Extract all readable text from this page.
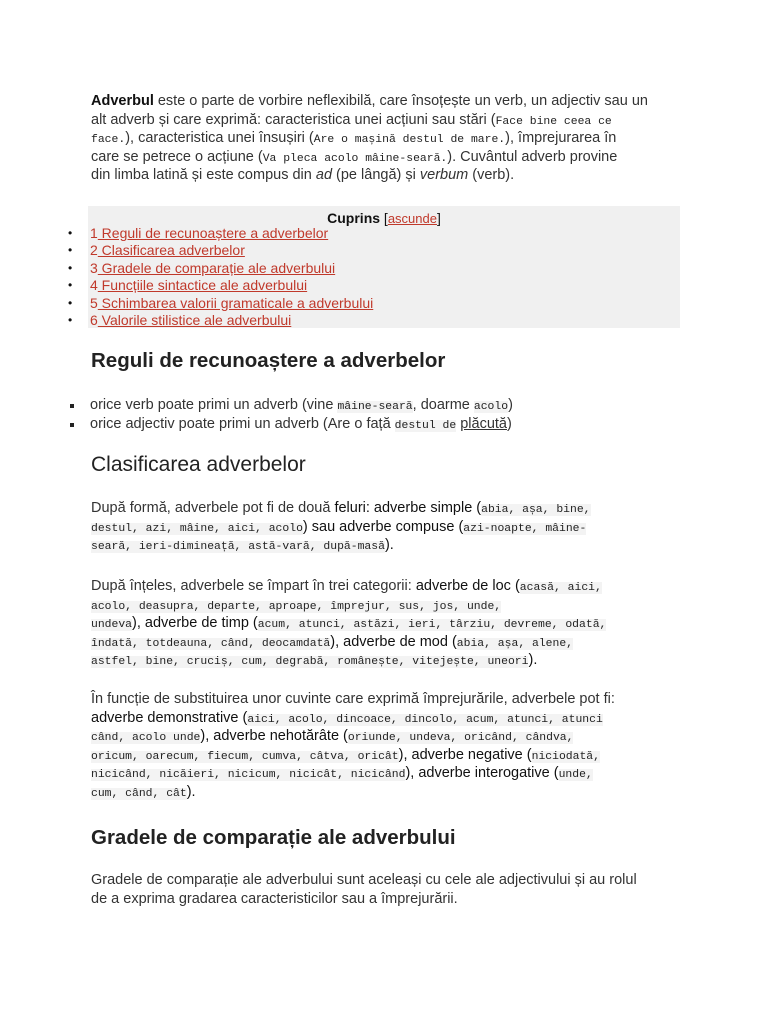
Adverbul este o parte de vorbire neflexibilă, care însoțește un verb, un adjectiv sau un
alt adverb și care exprimă: caracteristica unei acțiuni sau stări (Face bine ceea ce
face.), caracteristica unei însușiri (Are o mașină destul de mare.), împrejurarea în
care se petrece o acțiune (Va pleca acolo mâine-seară.). Cuvântul adverb provine
din limba latină și este compus din ad (pe lângă) și verbum (verb).
Cuprins [ascunde]
• 1 Reguli de recunoaștere a adverbelor
• 2 Clasificarea adverbelor
• 3 Gradele de comparație ale adverbului
• 4 Funcțiile sintactice ale adverbului
• 5 Schimbarea valorii gramaticale a adverbului
• 6 Valorile stilistice ale adverbului
Reguli de recunoaștere a adverbelor
orice verb poate primi un adverb (vine mâine-seară, doarme acolo)
orice adjectiv poate primi un adverb (Are o față destul de plăcută)
Clasificarea adverbelor
După formă, adverbele pot fi de două feluri: adverbe simple (abia, așa, bine,
destul, azi, mâine, aici, acolo) sau adverbe compuse (azi-noapte, mâine-
seară, ieri-dimineață, astă-vară, după-masă).
După înțeles, adverbele se împart în trei categorii: adverbe de loc (acasă, aici,
acolo, deasupra, departe, aproape, împrejur, sus, jos, unde,
undeva), adverbe de timp (acum, atunci, astăzi, ieri, târziu, devreme, odată,
îndată, totdeauna, când, deocamdată), adverbe de mod (abia, așa, alene,
astfel, bine, cruciș, cum, degrabă, românește, vitejește, uneori).
În funcție de substituirea unor cuvinte care exprimă împrejurările, adverbele pot fi:
adverbe demonstrative (aici, acolo, dincoace, dincolo, acum, atunci, atunci
când, acolo unde), adverbe nehotărâte (oriunde, undeva, oricând, cândva,
oricum, oarecum, fiecum, cumva, câtva, oricât), adverbe negative (niciodată,
nicicând, nicăieri, nicicum, nicicât, nicicând), adverbe interogative (unde,
cum, când, cât).
Gradele de comparație ale adverbului
Gradele de comparație ale adverbului sunt aceleași cu cele ale adjectivului și au rolul
de a exprima gradarea caracteristicilor sau a împrejurării.
